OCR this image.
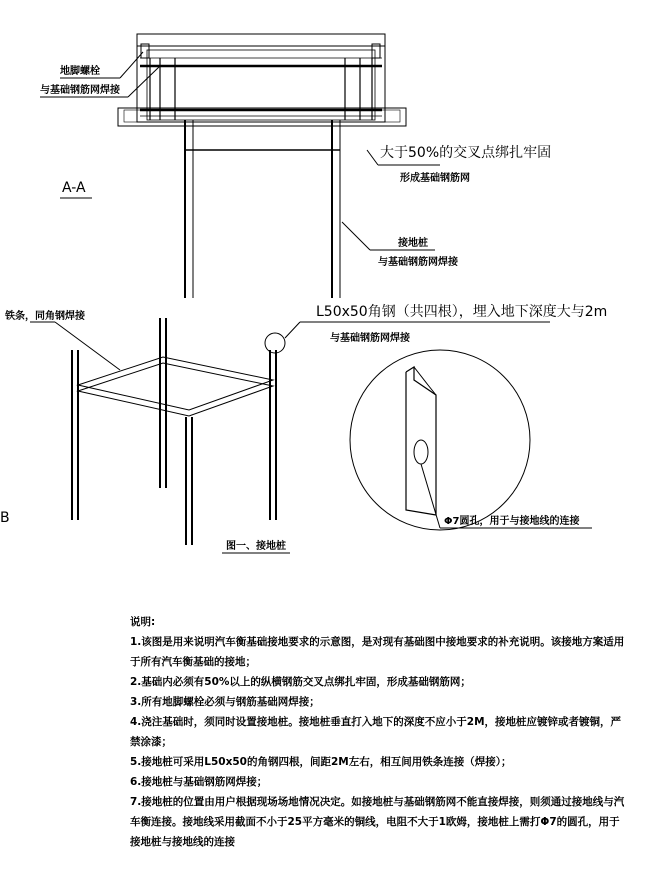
地脚螺栓
与基础钢筋网焊接
大于50%的交叉点绑扎牢固
形成基础钢筋网
A-A
接地桩
与基础钢筋网焊接
铁条，同角钢焊接	L50x50角钢（共四根），埋入地下深度大与2m
与基础钢筋网焊接
Φ7圆孔，用于与接地线的连接
B
图一、接地桩
说明:
1.该图是用来说明汽车衡基础接地要求的示意图，是对现有基础图中接地要求的补充说明。该接地方案适用于所有汽车衡基础的接地；
2.基础内必须有50%以上的纵横钢筋交叉点绑扎牢固，形成基础钢筋网；
3.所有地脚螺栓必须与钢筋基础网焊接；
4.浇注基础时，须同时设置接地桩。接地桩垂直打入地下的深度不应小于2M，接地桩应镀锌或者镀铜，严禁涂漆；
5.接地桩可采用L50x50的角钢四根，间距2M左右，相互间用铁条连接（焊接）；
6.接地桩与基础钢筋网焊接；
7.接地桩的位置由用户根据现场场地情况决定。如接地桩与基础钢筋网不能直接焊接，则须通过接地线与汽车衡连接。接地线采用截面不小于25平方毫米的铜线，电阻不大于1欧姆，接地桩上需打Φ7的圆孔，用于接地桩与接地线的连接
